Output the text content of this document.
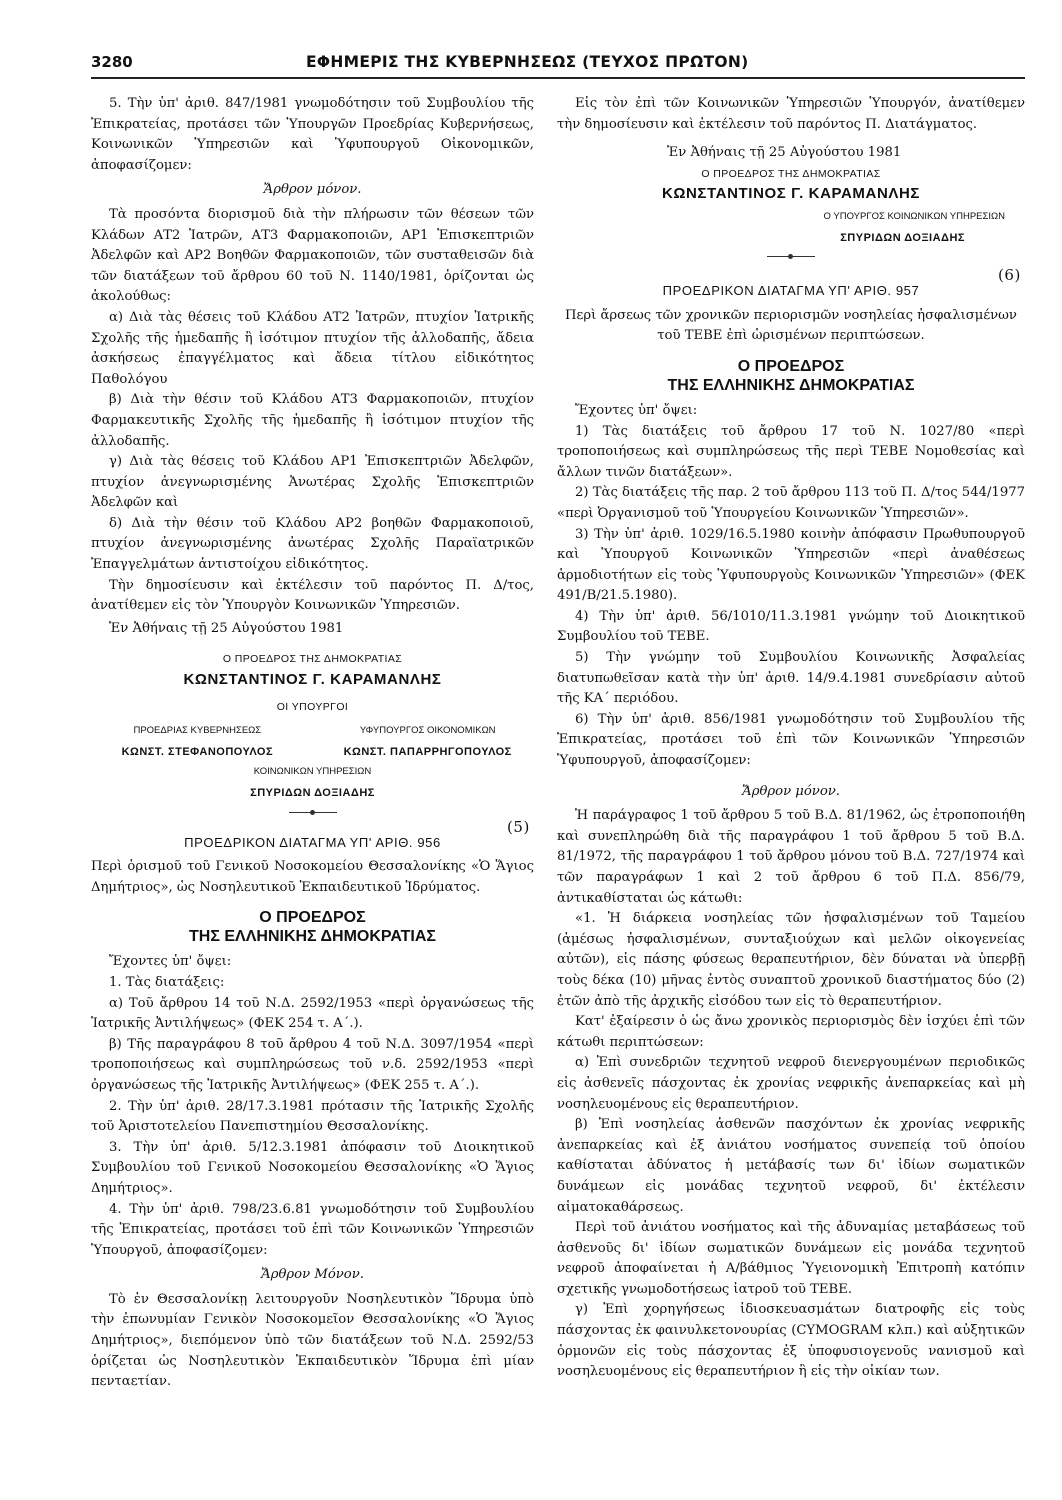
3280	ΕΦΗΜΕΡΙΣ ΤΗΣ ΚΥΒΕΡΝΗΣΕΩΣ (ΤΕΥΧΟΣ ΠΡΩΤΟΝ)

5. Τὴν ὑπ' ἀριθ. 847/1981 γνωμοδότησιν τοῦ Συμβουλίου τῆς Ἐπικρατείας, προτάσει τῶν Ὑπουργῶν Προεδρίας Κυβερνήσεως, Κοινωνικῶν Ὑπηρεσιῶν καὶ Ὑφυπουργοῦ Οἰκονομικῶν, ἀποφασίζομεν:

Ἄρθρον μόνον.

Τὰ προσόντα διορισμοῦ διὰ τὴν πλήρωσιν τῶν θέσεων τῶν Κλάδων ΑΤ2 Ἰατρῶν, ΑΤ3 Φαρμακοποιῶν, ΑΡ1 Ἐπισκεπτριῶν Ἀδελφῶν καὶ ΑΡ2 Βοηθῶν Φαρμακοποιῶν, τῶν συσταθεισῶν διὰ τῶν διατάξεων τοῦ ἄρθρου 60 τοῦ Ν. 1140/1981, ὁρίζονται ὡς ἀκολούθως:

α) Διὰ τὰς θέσεις τοῦ Κλάδου ΑΤ2 Ἰατρῶν, πτυχίον Ἰατρικῆς Σχολῆς τῆς ἡμεδαπῆς ἢ ἰσότιμον πτυχίον τῆς ἀλλοδαπῆς, ἄδεια ἀσκήσεως ἐπαγγέλματος καὶ ἄδεια τίτλου εἰδικότητος Παθολόγου

β) Διὰ τὴν θέσιν τοῦ Κλάδου ΑΤ3 Φαρμακοποιῶν, πτυχίον Φαρμακευτικῆς Σχολῆς τῆς ἡμεδαπῆς ἢ ἰσότιμον πτυχίον τῆς ἀλλοδαπῆς.

γ) Διὰ τὰς θέσεις τοῦ Κλάδου ΑΡ1 Ἐπισκεπτριῶν Ἀδελφῶν, πτυχίον ἀνεγνωρισμένης Ἀνωτέρας Σχολῆς Ἐπισκεπτριῶν Ἀδελφῶν καὶ

δ) Διὰ τὴν θέσιν τοῦ Κλάδου ΑΡ2 βοηθῶν Φαρμακοποιοῦ, πτυχίον ἀνεγνωρισμένης ἀνωτέρας Σχολῆς Παραϊατρικῶν Ἐπαγγελμάτων ἀντιστοίχου εἰδικότητος.

Τὴν δημοσίευσιν καὶ ἐκτέλεσιν τοῦ παρόντος Π. Δ/τος, ἀνατίθεμεν εἰς τὸν Ὑπουργὸν Κοινωνικῶν Ὑπηρεσιῶν.

Ἐν Ἀθήναις τῇ 25 Αὐγούστου 1981

Ο ΠΡΟΕΔΡΟΣ ΤΗΣ ΔΗΜΟΚΡΑΤΙΑΣ
ΚΩΝΣΤΑΝΤΙΝΟΣ Γ. ΚΑΡΑΜΑΝΛΗΣ
ΟΙ ΥΠΟΥΡΓΟΙ
ΠΡΟΕΔΡΙΑΣ ΚΥΒΕΡΝΗΣΕΩΣ	ΥΦΥΠΟΥΡΓΟΣ ΟΙΚΟΝΟΜΙΚΩΝ
ΚΩΝΣΤ. ΣΤΕΦΑΝΟΠΟΥΛΟΣ	ΚΩΝΣΤ. ΠΑΠΑΡΡΗΓΟΠΟΥΛΟΣ
ΚΟΙΝΩΝΙΚΩΝ ΥΠΗΡΕΣΙΩΝ
ΣΠΥΡΙΔΩΝ ΔΟΞΙΑΔΗΣ
ΠΡΟΕΔΡΙΚΟΝ ΔΙΑΤΑΓΜΑ ΥΠ' ΑΡΙΘ. 956
(5)

Περὶ ὁρισμοῦ τοῦ Γενικοῦ Νοσοκομείου Θεσσαλονίκης «Ὁ Ἅγιος Δημήτριος», ὡς Νοσηλευτικοῦ Ἐκπαιδευτικοῦ Ἱδρύματος.

Ο ΠΡΟΕΔΡΟΣ
ΤΗΣ ΕΛΛΗΝΙΚΗΣ ΔΗΜΟΚΡΑΤΙΑΣ

Ἔχοντες ὑπ' ὄψει:

1. Τὰς διατάξεις:

α) Τοῦ ἄρθρου 14 τοῦ Ν.Δ. 2592/1953 «περὶ ὀργανώσεως τῆς Ἰατρικῆς Ἀντιλήψεως» (ΦΕΚ 254 τ. Α΄.).

β) Τῆς παραγράφου 8 τοῦ ἄρθρου 4 τοῦ Ν.Δ. 3097/1954 «περὶ τροποποιήσεως καὶ συμπληρώσεως τοῦ ν.δ. 2592/1953 «περὶ ὀργανώσεως τῆς Ἰατρικῆς Ἀντιλήψεως» (ΦΕΚ 255 τ. Α΄.).

2. Τὴν ὑπ' ἀριθ. 28/17.3.1981 πρότασιν τῆς Ἰατρικῆς Σχολῆς τοῦ Ἀριστοτελείου Πανεπιστημίου Θεσσαλονίκης.

3. Τὴν ὑπ' ἀριθ. 5/12.3.1981 ἀπόφασιν τοῦ Διοικητικοῦ Συμβουλίου τοῦ Γενικοῦ Νοσοκομείου Θεσσαλονίκης «Ὁ Ἅγιος Δημήτριος».

4. Τὴν ὑπ' ἀριθ. 798/23.6.81 γνωμοδότησιν τοῦ Συμβουλίου τῆς Ἐπικρατείας, προτάσει τοῦ ἐπὶ τῶν Κοινωνικῶν Ὑπηρεσιῶν Ὑπουργοῦ, ἀποφασίζομεν:

Ἄρθρον Μόνον.

Τὸ ἐν Θεσσαλονίκῃ λειτουργοῦν Νοσηλευτικὸν Ἵδρυμα ὑπὸ τὴν ἐπωνυμίαν Γενικὸν Νοσοκομεῖον Θεσσαλονίκης «Ὁ Ἅγιος Δημήτριος», διεπόμενον ὑπὸ τῶν διατάξεων τοῦ Ν.Δ. 2592/53 ὁρίζεται ὡς Νοσηλευτικὸν Ἐκπαιδευτικὸν Ἵδρυμα ἐπὶ μίαν πενταετίαν.

Εἰς τὸν ἐπὶ τῶν Κοινωνικῶν Ὑπηρεσιῶν Ὑπουργόν, ἀνατίθεμεν τὴν δημοσίευσιν καὶ ἐκτέλεσιν τοῦ παρόντος Π. Διατάγματος.

Ἐν Ἀθήναις τῇ 25 Αὐγούστου 1981

Ο ΠΡΟΕΔΡΟΣ ΤΗΣ ΔΗΜΟΚΡΑΤΙΑΣ
ΚΩΝΣΤΑΝΤΙΝΟΣ Γ. ΚΑΡΑΜΑΝΛΗΣ
Ο ΥΠΟΥΡΓΟΣ ΚΟΙΝΩΝΙΚΩΝ ΥΠΗΡΕΣΙΩΝ
ΣΠΥΡΙΔΩΝ ΔΟΞΙΑΔΗΣ
ΠΡΟΕΔΡΙΚΟΝ ΔΙΑΤΑΓΜΑ ΥΠ' ΑΡΙΘ. 957
(6)

Περὶ ἄρσεως τῶν χρονικῶν περιορισμῶν νοσηλείας ἠσφαλισμένων τοῦ ΤΕΒΕ ἐπὶ ὡρισμένων περιπτώσεων.

Ο ΠΡΟΕΔΡΟΣ
ΤΗΣ ΕΛΛΗΝΙΚΗΣ ΔΗΜΟΚΡΑΤΙΑΣ

Ἔχοντες ὑπ' ὄψει:

1) Τὰς διατάξεις τοῦ ἄρθρου 17 τοῦ Ν. 1027/80 «περὶ τροποποιήσεως καὶ συμπληρώσεως τῆς περὶ ΤΕΒΕ Νομοθεσίας καὶ ἄλλων τινῶν διατάξεων».

2) Τὰς διατάξεις τῆς παρ. 2 τοῦ ἄρθρου 113 τοῦ Π. Δ/τος 544/1977 «περὶ Ὀργανισμοῦ τοῦ Ὑπουργείου Κοινωνικῶν Ὑπηρεσιῶν».

3) Τὴν ὑπ' ἀριθ. 1029/16.5.1980 κοινὴν ἀπόφασιν Πρωθυπουργοῦ καὶ Ὑπουργοῦ Κοινωνικῶν Ὑπηρεσιῶν «περὶ ἀναθέσεως ἁρμοδιοτήτων εἰς τοὺς Ὑφυπουργοὺς Κοινωνικῶν Ὑπηρεσιῶν» (ΦΕΚ 491/Β/21.5.1980).

4) Τὴν ὑπ' ἀριθ. 56/1010/11.3.1981 γνώμην τοῦ Διοικητικοῦ Συμβουλίου τοῦ ΤΕΒΕ.

5) Τὴν γνώμην τοῦ Συμβουλίου Κοινωνικῆς Ἀσφαλείας διατυπωθεῖσαν κατὰ τὴν ὑπ' ἀριθ. 14/9.4.1981 συνεδρίασιν αὐτοῦ τῆς ΚΑ΄ περιόδου.

6) Τὴν ὑπ' ἀριθ. 856/1981 γνωμοδότησιν τοῦ Συμβουλίου τῆς Ἐπικρατείας, προτάσει τοῦ ἐπὶ τῶν Κοινωνικῶν Ὑπηρεσιῶν Ὑφυπουργοῦ, ἀποφασίζομεν:

Ἄρθρον μόνον.

Ἡ παράγραφος 1 τοῦ ἄρθρου 5 τοῦ Β.Δ. 81/1962, ὡς ἐτροποποιήθη καὶ συνεπληρώθη διὰ τῆς παραγράφου 1 τοῦ ἄρθρου 5 τοῦ Β.Δ. 81/1972, τῆς παραγράφου 1 τοῦ ἄρθρου μόνου τοῦ Β.Δ. 727/1974 καὶ τῶν παραγράφων 1 καὶ 2 τοῦ ἄρθρου 6 τοῦ Π.Δ. 856/79, ἀντικαθίσταται ὡς κάτωθι:

«1. Ἡ διάρκεια νοσηλείας τῶν ἠσφαλισμένων τοῦ Ταμείου (ἀμέσως ἠσφαλισμένων, συνταξιούχων καὶ μελῶν οἰκογενείας αὐτῶν), εἰς πάσης φύσεως θεραπευτήριον, δὲν δύναται νὰ ὑπερβῇ τοὺς δέκα (10) μῆνας ἐντὸς συναπτοῦ χρονικοῦ διαστήματος δύο (2) ἐτῶν ἀπὸ τῆς ἀρχικῆς εἰσόδου των εἰς τὸ θεραπευτήριον.

Κατ' ἐξαίρεσιν ὁ ὡς ἄνω χρονικὸς περιορισμὸς δὲν ἰσχύει ἐπὶ τῶν κάτωθι περιπτώσεων:

α) Ἐπὶ συνεδριῶν τεχνητοῦ νεφροῦ διενεργουμένων περιοδικῶς εἰς ἀσθενεῖς πάσχοντας ἐκ χρονίας νεφρικῆς ἀνεπαρκείας καὶ μὴ νοσηλευομένους εἰς θεραπευτήριον.

β) Ἐπὶ νοσηλείας ἀσθενῶν πασχόντων ἐκ χρονίας νεφρικῆς ἀνεπαρκείας καὶ ἐξ ἀνιάτου νοσήματος συνεπείᾳ τοῦ ὁποίου καθίσταται ἀδύνατος ἡ μετάβασίς των δι' ἰδίων σωματικῶν δυνάμεων εἰς μονάδας τεχνητοῦ νεφροῦ, δι' ἐκτέλεσιν αἱματοκαθάρσεως.

Περὶ τοῦ ἀνιάτου νοσήματος καὶ τῆς ἀδυναμίας μεταβάσεως τοῦ ἀσθενοῦς δι' ἰδίων σωματικῶν δυνάμεων εἰς μονάδα τεχνητοῦ νεφροῦ ἀποφαίνεται ἡ Α/βάθμιος Ὑγειονομικὴ Ἐπιτροπὴ κατόπιν σχετικῆς γνωμοδοτήσεως ἰατροῦ τοῦ ΤΕΒΕ.

γ) Ἐπὶ χορηγήσεως ἰδιοσκευασμάτων διατροφῆς εἰς τοὺς πάσχοντας ἐκ φαινυλκετονουρίας (CYMOGRAM κλπ.) καὶ αὐξητικῶν ὁρμονῶν εἰς τοὺς πάσχοντας ἐξ ὑποφυσιογενοῦς νανισμοῦ καὶ νοσηλευομένους εἰς θεραπευτήριον ἢ εἰς τὴν οἰκίαν των.
